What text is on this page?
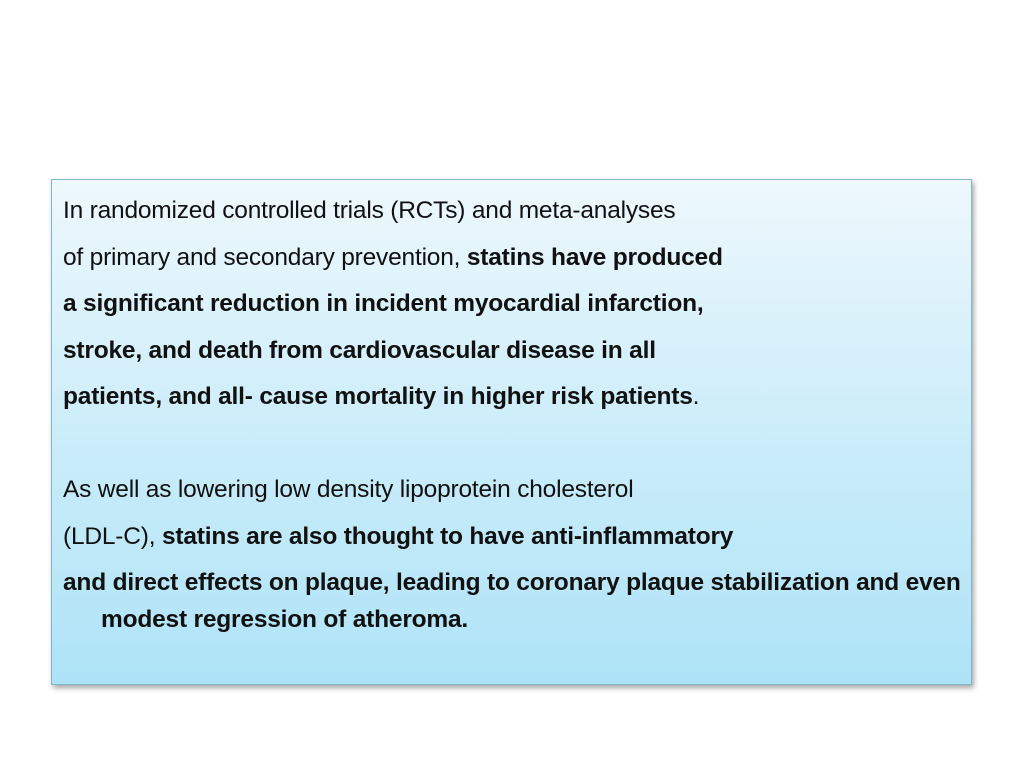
In randomized controlled trials (RCTs) and meta-analyses
of primary and secondary prevention, statins have produced
a significant reduction in incident myocardial infarction,
stroke, and death from cardiovascular disease in all
patients, and all- cause mortality in higher risk patients.
As well as lowering low density lipoprotein cholesterol
(LDL-C), statins are also thought to have anti-inflammatory
and direct effects on plaque, leading to coronary plaque stabilization and even modest regression of atheroma.
